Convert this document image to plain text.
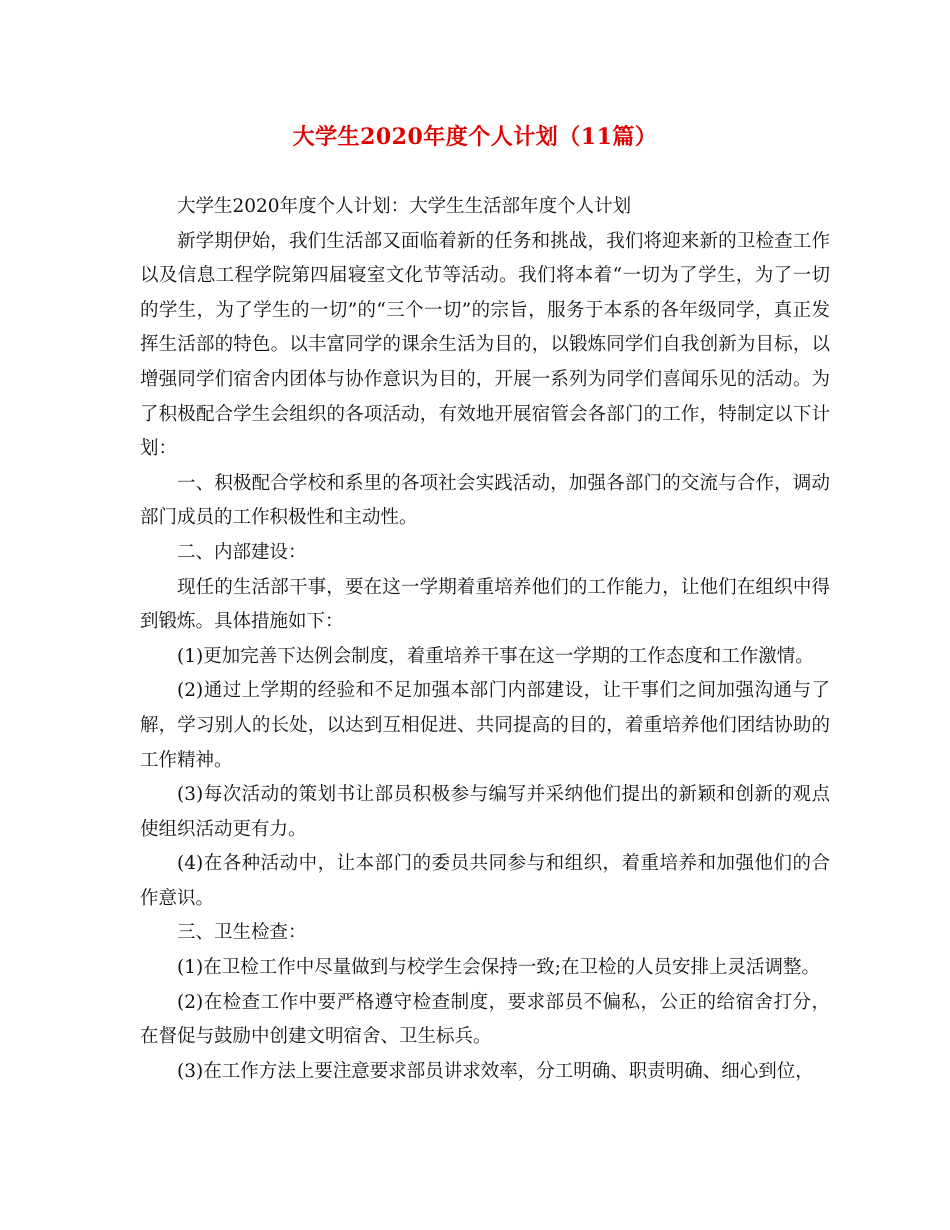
大学生2020年度个人计划（11篇）

大学生2020年度个人计划：大学生生活部年度个人计划

新学期伊始，我们生活部又面临着新的任务和挑战，我们将迎来新的卫检查工作以及信息工程学院第四届寝室文化节等活动。我们将本着“一切为了学生，为了一切的学生，为了学生的一切”的“三个一切”的宗旨，服务于本系的各年级同学，真正发挥生活部的特色。以丰富同学的课余生活为目的，以锻炼同学们自我创新为目标，以增强同学们宿舍内团体与协作意识为目的，开展一系列为同学们喜闻乐见的活动。为了积极配合学生会组织的各项活动，有效地开展宿管会各部门的工作，特制定以下计划：

一、积极配合学校和系里的各项社会实践活动，加强各部门的交流与合作，调动部门成员的工作积极性和主动性。

二、内部建设：

现任的生活部干事，要在这一学期着重培养他们的工作能力，让他们在组织中得到锻炼。具体措施如下：

(1)更加完善下达例会制度，着重培养干事在这一学期的工作态度和工作激情。

(2)通过上学期的经验和不足加强本部门内部建设，让干事们之间加强沟通与了解，学习别人的长处，以达到互相促进、共同提高的目的，着重培养他们团结协助的工作精神。

(3)每次活动的策划书让部员积极参与编写并采纳他们提出的新颖和创新的观点使组织活动更有力。

(4)在各种活动中，让本部门的委员共同参与和组织，着重培养和加强他们的合作意识。

三、卫生检查：

(1)在卫检工作中尽量做到与校学生会保持一致;在卫检的人员安排上灵活调整。

(2)在检查工作中要严格遵守检查制度，要求部员不偏私，公正的给宿舍打分，在督促与鼓励中创建文明宿舍、卫生标兵。

(3)在工作方法上要注意要求部员讲求效率，分工明确、职责明确、细心到位，
